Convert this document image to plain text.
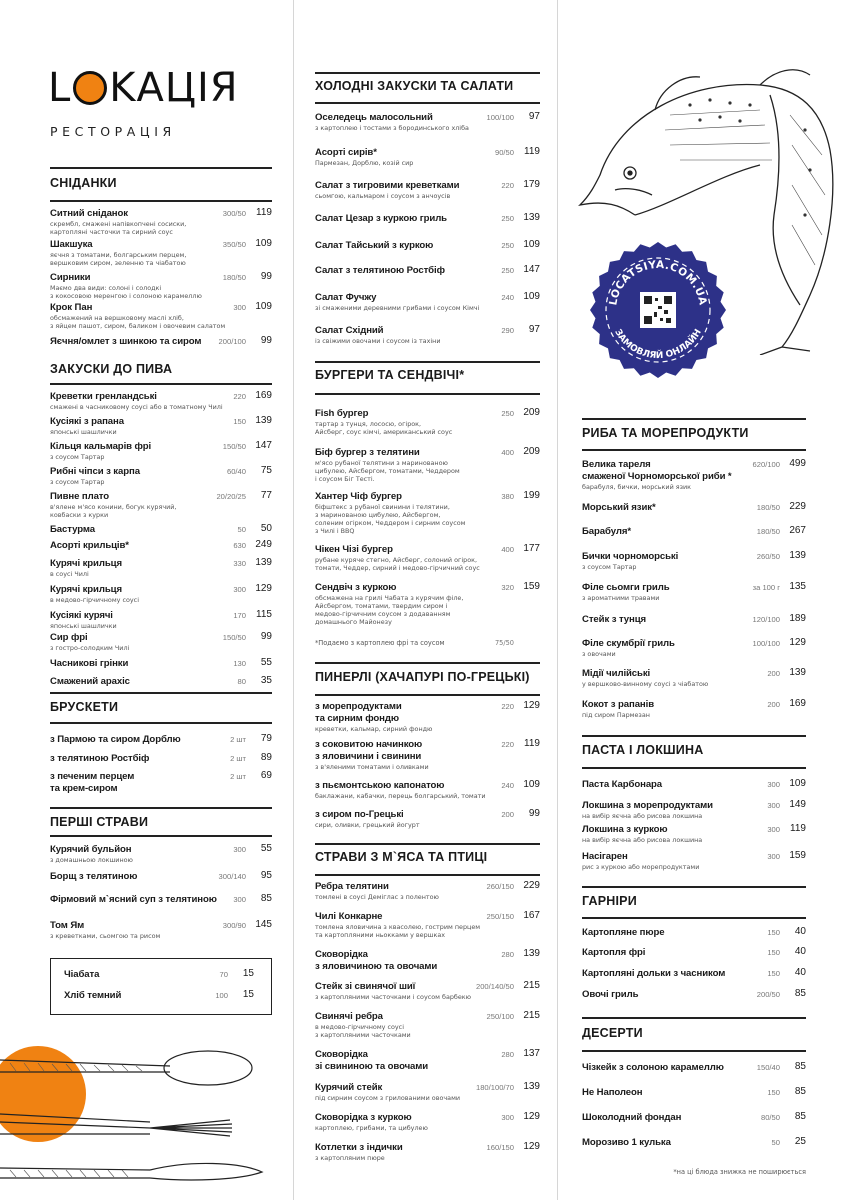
L KАЦІЯ
РЕСТОРАЦІЯ
LOCATSIYA.COM.UA
ЗАМОВЛЯЙ ОНЛАЙН
СНІДАНКИ
Ситний сніданок
скрембл, смажені напівкопчені сосиски,
картопляні часточки та сирний соус
300/50 119
Шакшука
яєчня з томатами, болгарським перцем,
вершковим сиром, зеленню та чіабатою
350/50 109
Сирники
Маємо два види: солоні і солодкі
з кокосовою меренгою і солоною карамеллю
180/50 99
Крок Пан
обсмажений на вершковому маслі хліб,
з яйцем пашот, сиром, баликом і овочевим салатом
300 109
Яєчня/омлет з шинкою та сиром	200/100 99
ЗАКУСКИ ДО ПИВА
Креветки гренландські
смажені в часниковому соусі або в томатному Чилі
220 169
Кусіякі з рапана
японські шашлички
150 139
Кільця кальмарів фрі
з соусом Тартар
150/50 147
Рибні чіпси з карпа
з соусом Тартар
60/40 75
Пивне плато
в'ялене м'ясо конини, богук курячий,
ковбаски з курки
20/20/25 77
Бастурма	50 50
Асорті крильців*	630 249
Курячі крильця
в соусі Чилі
330 139
Курячі крильця
в медово-гірчичному соусі
300 129
Кусіякі курячі
японські шашлички
170 115
Сир фрі
з гостро-солодким Чилі
150/50 99
Часникові грінки	130 55
Смажений арахіс	80 35
БРУСКЕТИ
з Пармою та сиром Дорблю	2 шт 79
з телятиною Ростбіф	2 шт 89
з печеним перцем
та крем-сиром
2 шт 69
ПЕРШІ СТРАВИ
Курячий бульйон
з домашньою локшиною
300 55
Борщ з телятиною	300/140 95
Фірмовий м`ясний суп з телятиною	300 85
Том Ям
з креветками, сьомгою та рисом
300/90 145
Чіабата	70 15
Хліб темний	100 15
ХОЛОДНІ ЗАКУСКИ ТА САЛАТИ
Оселедець малосольний
з картоплею і тостами з бородинського хліба
100/100 97
Асорті сирів*
Пармезан, Дорблю, козій сир
90/50 119
Салат з тигровими креветками
сьомгою, кальмаром і соусом з анчоусів
220 179
Салат Цезар з куркою гриль	250 139
Салат Тайський з куркою	250 109
Салат з телятиною Ростбіф	250 147
Салат Фучжу
зі смаженими деревними грибами і соусом Кімчі
240 109
Салат Східний
із свіжими овочами і соусом із тахіни
290 97
БУРГЕРИ ТА СЕНДВІЧІ*
Fish бургер
тартар з тунця, лососю, огірок,
Айсберг, соус кімчі, американський соус
250 209
Біф бургер з телятини
м'ясо рубаної телятини з маринованою
цибулею, Айсбергом, томатами, Чеддером
і соусом Біг Тесті.
400 209
Хантер Чіф бургер
біфштекс з рубаної свинини і телятини,
з маринованою цибулею, Айсбергом,
соленим огірком, Чеддером і сирним соусом
з Чилі і BBQ
380 199
Чікен Чізі бургер
рубане куряче стегно, Айсберг, солоний огірок,
томати, Чеддер, сирний і медово-гірчичний соус
400 177
Сендвіч з куркою
обсмажена на грилі Чабата з курячим філе,
Айсбергом, томатами, твердим сиром і
медово-гірчичним соусом з додаванням
домашнього Майонезу
320 159
*Подаємо з картоплею фрі та соусом	75/50
ПИНЕРЛІ (ХАЧАПУРІ ПО-ГРЕЦЬКІ)
з морепродуктами
та сирним фондю
креветки, кальмар, сирний фондю
220 129
з соковитою начинкою
з яловичини і свинини
з в'яленими томатами і оливками
220 119
з пьємонтською капонатою
баклажани, кабачки, перець болгарський, томати
240 109
з сиром по-Грецькі
сири, оливки, грецький йогурт
200 99
СТРАВИ З М`ЯСА ТА ПТИЦІ
Ребра телятини
томлені в соусі Деміглас з полентою
260/150 229
Чилі Конкарне
томлена яловичина з квасолею, гострим перцем
та картопляними ньокками у вершках
250/150 167
Сковорідка
з яловичиною та овочами
280 139
Стейк зі свинячої шиї
з картопляними часточками і соусом барбекю
200/140/50 215
Свинячі ребра
в медово-гірчичному соусі
з картопляними часточками
250/100 215
Сковорідка
зі свининою та овочами
280 137
Курячий стейк
під сирним соусом з грилованими овочами
180/100/70 139
Сковорідка з куркою
картоплею, грибами, та цибулею
300 129
Котлетки з індички
з картопляним пюре
160/150 129
РИБА ТА МОРЕПРОДУКТИ
Велика тареля
смаженої Чорноморської риби *
барабуля, бички, морський язик
620/100 499
Морський язик*	180/50 229
Барабуля*	180/50 267
Бички чорноморські
з соусом Тартар
260/50 139
Філе сьомги гриль
з ароматними травами
за 100 г 135
Стейк з тунця	120/100 189
Філе скумбрії гриль
з овочами
100/100 129
Мідії чилійські
у вершково-винному соусі з чіабатою
200 139
Кокот з рапанів
під сиром Пармезан
200 169
ПАСТА І ЛОКШИНА
Паста Карбонара	300 109
Локшина з морепродуктами
на вибір яєчна або рисова локшина
300 149
Локшина з куркою
на вибір яєчна або рисова локшина
300 119
Насігарен
рис з куркою або морепродуктами
300 159
ГАРНІРИ
Картопляне пюре	150 40
Картопля фрі	150 40
Картопляні дольки з часником	150 40
Овочі гриль	200/50 85
ДЕСЕРТИ
Чізкейк з солоною карамеллю	150/40 85
Не Наполеон	150 85
Шоколодний фондан	80/50 85
Морозиво 1 кулька	50 25
*на ці блюда знижка не поширюється
